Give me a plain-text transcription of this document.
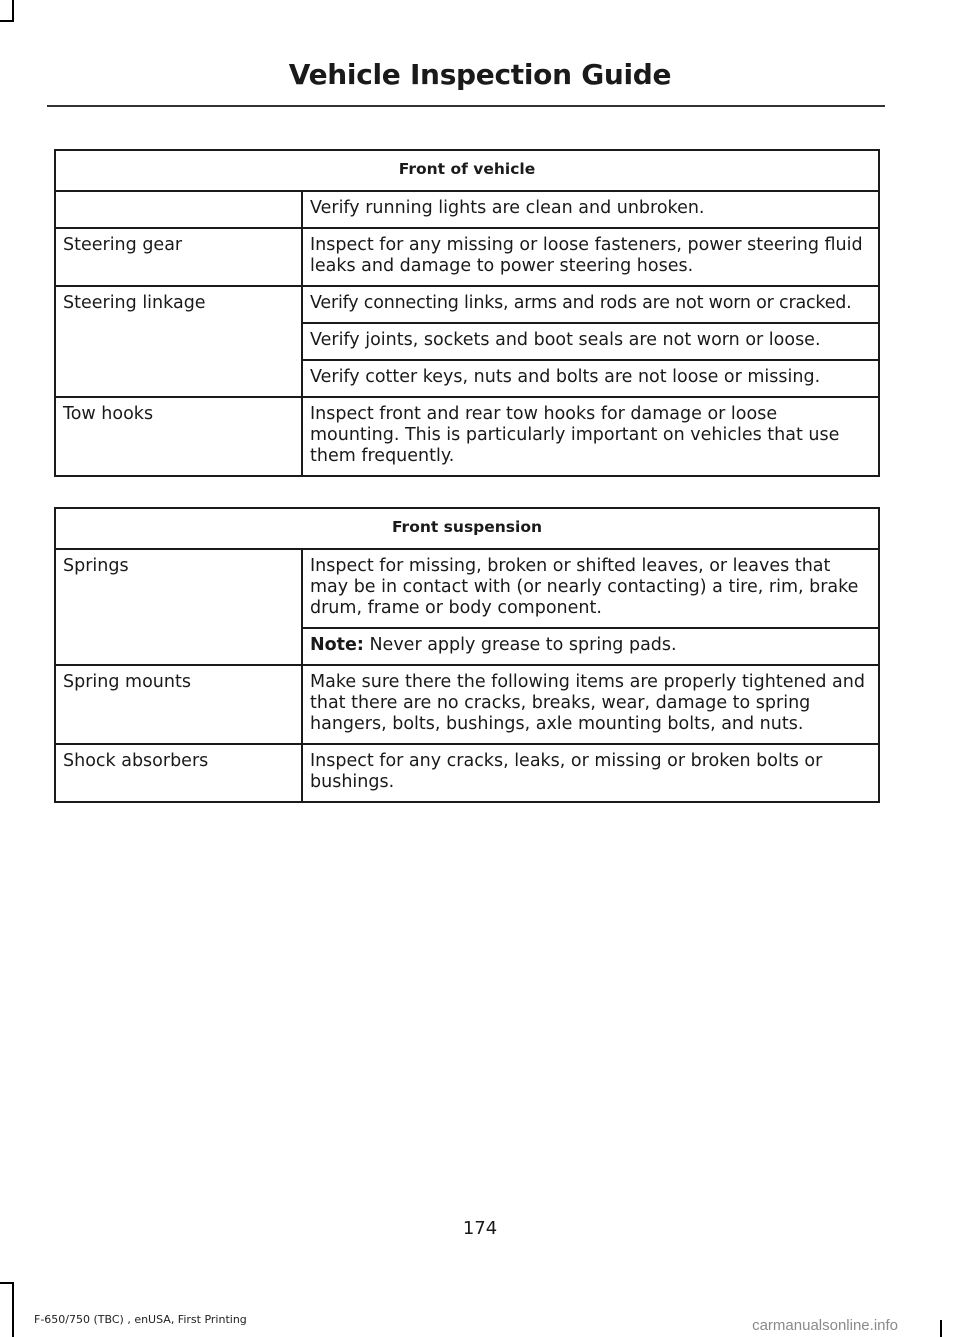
Vehicle Inspection Guide
Front of vehicle	
	Verify running lights are clean and unbroken.
Steering gear	Inspect for any missing or loose fasteners, power steering fluid leaks and damage to power steering hoses.
Steering linkage	Verify connecting links, arms and rods are not worn or cracked.
	Verify joints, sockets and boot seals are not worn or loose.
	Verify cotter keys, nuts and bolts are not loose or missing.
Tow hooks	Inspect front and rear tow hooks for damage or loose mounting. This is particularly important on vehicles that use them frequently.
Front suspension	
Springs	Inspect for missing, broken or shifted leaves, or leaves that may be in contact with (or nearly contacting) a tire, rim, brake drum, frame or body component.
	Note: Never apply grease to spring pads.
Spring mounts	Make sure there the following items are properly tightened and that there are no cracks, breaks, wear, damage to spring hangers, bolts, bushings, axle mounting bolts, and nuts.
Shock absorbers	Inspect for any cracks, leaks, or missing or broken bolts or bushings.
174
F-650/750 (TBC) , enUSA, First Printing	carmanualsonline.info
